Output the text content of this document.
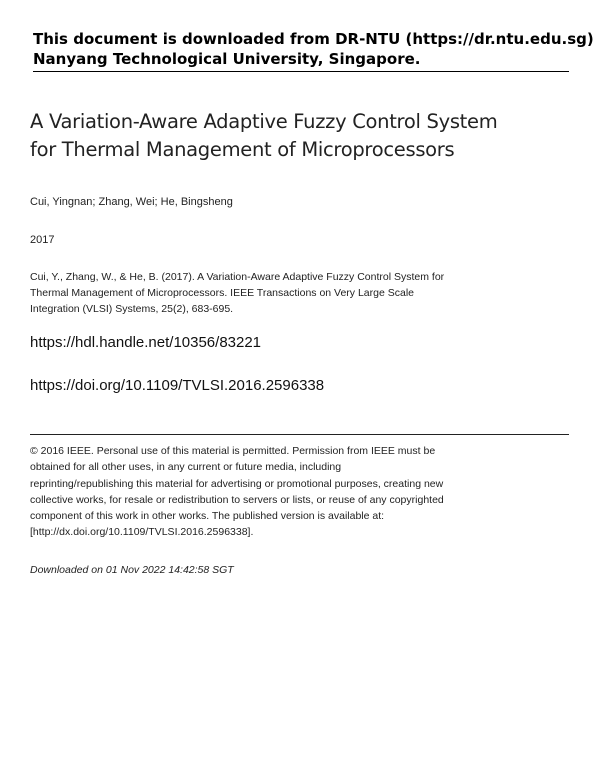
This document is downloaded from DR-NTU (https://dr.ntu.edu.sg)
Nanyang Technological University, Singapore.
A Variation-Aware Adaptive Fuzzy Control System
for Thermal Management of Microprocessors
Cui, Yingnan; Zhang, Wei; He, Bingsheng
2017
Cui, Y., Zhang, W., & He, B. (2017). A Variation-Aware Adaptive Fuzzy Control System for
Thermal Management of Microprocessors. IEEE Transactions on Very Large Scale
Integration (VLSI) Systems, 25(2), 683-695.
https://hdl.handle.net/10356/83221
https://doi.org/10.1109/TVLSI.2016.2596338
© 2016 IEEE. Personal use of this material is permitted. Permission from IEEE must be
obtained for all other uses, in any current or future media, including
reprinting/republishing this material for advertising or promotional purposes, creating new
collective works, for resale or redistribution to servers or lists, or reuse of any copyrighted
component of this work in other works. The published version is available at:
[http://dx.doi.org/10.1109/TVLSI.2016.2596338].
Downloaded on 01 Nov 2022 14:42:58 SGT
